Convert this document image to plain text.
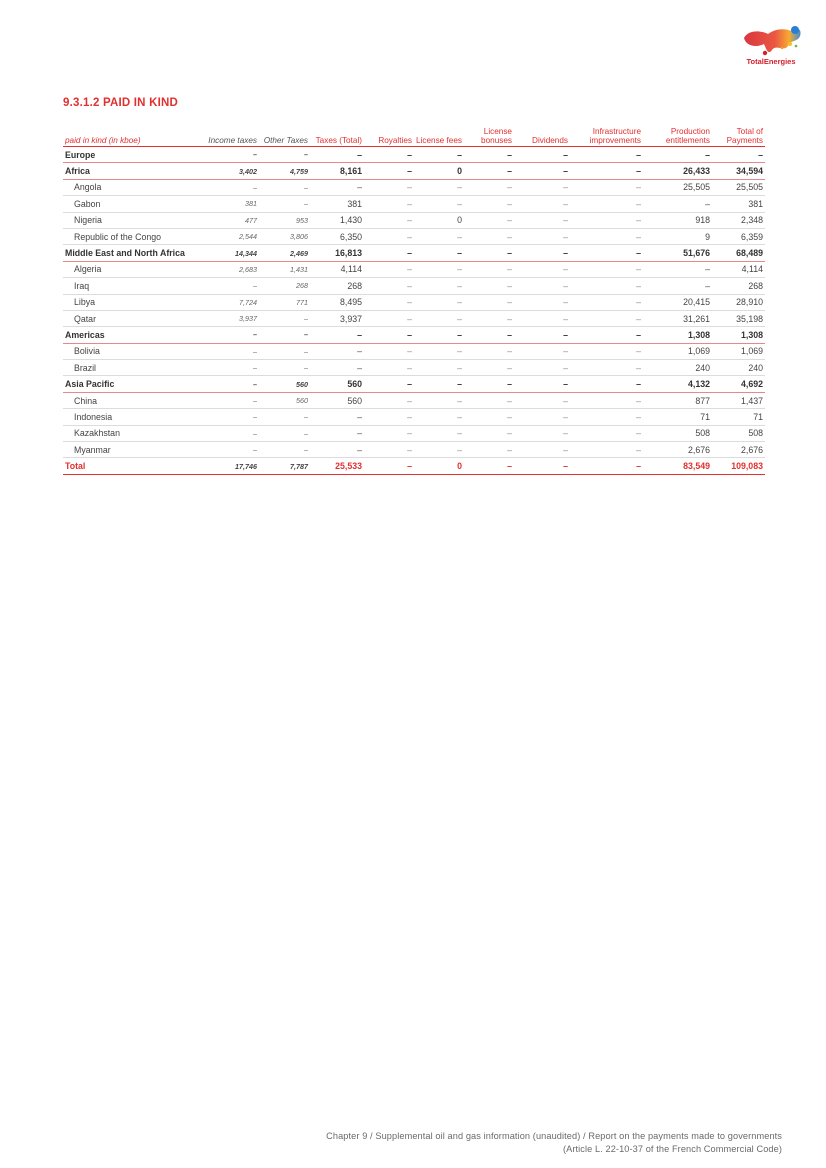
TotalEnergies
9.3.1.2 PAID IN KIND
paid in kind (in kboe)	Income taxes	Other Taxes	Taxes (Total)	Royalties	License fees	License bonuses	Dividends	Infrastructure improvements	Production entitlements	Total of Payments
Europe	–	–	–	–	–	–	–	–	–	–
Africa	3,402	4,759	8,161	–	0	–	–	–	26,433	34,594
Angola	–	–	–	–	–	–	–	–	25,505	25,505
Gabon	381	–	381	–	–	–	–	–	–	381
Nigeria	477	953	1,430	–	0	–	–	–	918	2,348
Republic of the Congo	2,544	3,806	6,350	–	–	–	–	–	9	6,359
Middle East and North Africa	14,344	2,469	16,813	–	–	–	–	–	51,676	68,489
Algeria	2,683	1,431	4,114	–	–	–	–	–	–	4,114
Iraq	–	268	268	–	–	–	–	–	–	268
Libya	7,724	771	8,495	–	–	–	–	–	20,415	28,910
Qatar	3,937	–	3,937	–	–	–	–	–	31,261	35,198
Americas	–	–	–	–	–	–	–	–	1,308	1,308
Bolivia	–	–	–	–	–	–	–	–	1,069	1,069
Brazil	–	–	–	–	–	–	–	–	240	240
Asia Pacific	–	560	560	–	–	–	–	–	4,132	4,692
China	–	560	560	–	–	–	–	–	877	1,437
Indonesia	–	–	–	–	–	–	–	–	71	71
Kazakhstan	–	–	–	–	–	–	–	–	508	508
Myanmar	–	–	–	–	–	–	–	–	2,676	2,676
Total	17,746	7,787	25,533	–	0	–	–	–	83,549	109,083
Chapter 9 / Supplemental oil and gas information (unaudited) / Report on the payments made to governments
(Article L. 22-10-37 of the French Commercial Code)
